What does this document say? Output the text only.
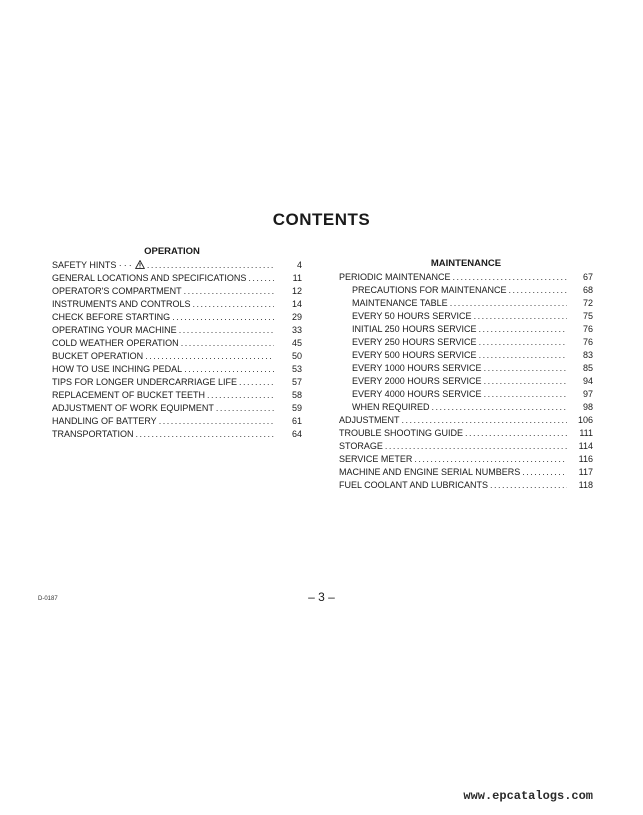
CONTENTS
OPERATION
SAFETY HINTS ∙ ∙ ∙ .....	4
GENERAL LOCATIONS AND SPECIFICATIONS .....	11
OPERATOR'S COMPARTMENT .....	12
INSTRUMENTS AND CONTROLS .....	14
CHECK BEFORE STARTING .....	29
OPERATING YOUR MACHINE .....	33
COLD WEATHER OPERATION .....	45
BUCKET OPERATION .....	50
HOW TO USE INCHING PEDAL .....	53
TIPS FOR LONGER UNDERCARRIAGE LIFE .....	57
REPLACEMENT OF BUCKET TEETH .....	58
ADJUSTMENT OF WORK EQUIPMENT .....	59
HANDLING OF BATTERY .....	61
TRANSPORTATION .....	64
MAINTENANCE
PERIODIC MAINTENANCE .....	67
PRECAUTIONS FOR MAINTENANCE .....	68
MAINTENANCE TABLE .....	72
EVERY 50 HOURS SERVICE .....	75
INITIAL 250 HOURS SERVICE .....	76
EVERY 250 HOURS SERVICE .....	76
EVERY 500 HOURS SERVICE .....	83
EVERY 1000 HOURS SERVICE .....	85
EVERY 2000 HOURS SERVICE .....	94
EVERY 4000 HOURS SERVICE .....	97
WHEN REQUIRED .....	98
ADJUSTMENT .....	106
TROUBLE SHOOTING GUIDE .....	111
STORAGE .....	114
SERVICE METER .....	116
MACHINE AND ENGINE SERIAL NUMBERS .....	117
FUEL COOLANT AND LUBRICANTS .....	118
D-0187	– 3 –
www.epcatalogs.com
